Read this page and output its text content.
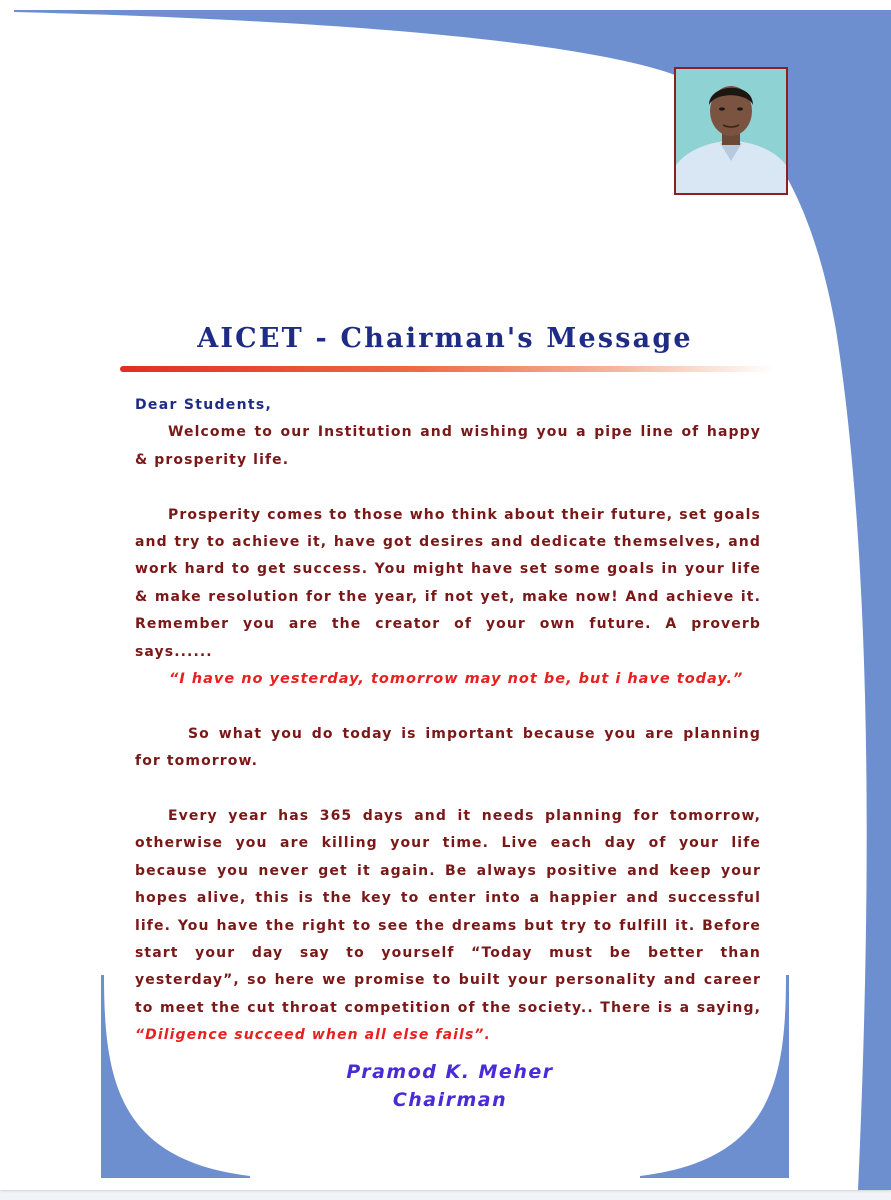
AICET - Chairman's Message

Dear Students,

Welcome to our Institution and wishing you a pipe line of happy & prosperity life.

Prosperity comes to those who think about their future, set goals and try to achieve it, have got desires and dedicate themselves, and work hard to get success. You might have set some goals in your life & make resolution for the year, if not yet, make now! And achieve it. Remember you are the creator of your own future. A proverb says......

“I have no yesterday, tomorrow may not be, but i have today.”

So what you do today is important because you are planning for tomorrow.

Every year has 365 days and it needs planning for tomorrow, otherwise you are killing your time. Live each day of your life because you never get it again. Be always positive and keep your hopes alive, this is the key to enter into a happier and successful life. You have the right to see the dreams but try to fulfill it. Before start your day say to yourself “Today must be better than yesterday”, so here we promise to built your personality and career to meet the cut throat competition of the society.. There is a saying, “Diligence succeed when all else fails”.

Pramod K. Meher
Chairman
